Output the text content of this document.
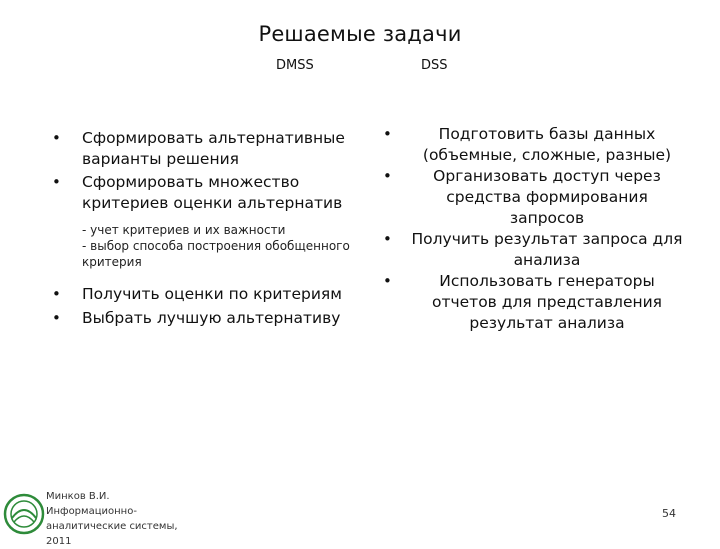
Решаемые задачи
DMSS	DSS
• Сформировать альтернативные варианты решения
• Сформировать множество критериев оценки альтернатив
- учет критериев и их важности
- выбор способа построения обобщенного критерия
• Получить оценки по критериям
• Выбрать лучшую альтернативу
•	Подготовить базы данных (объемные, сложные, разные)
•	Организовать доступ через средства формирования запросов
• Получить результат запроса для анализа
•	Использовать генераторы отчетов для представления результат анализа
Минков В.И.
Информационно-
аналитические системы,
2011
54
